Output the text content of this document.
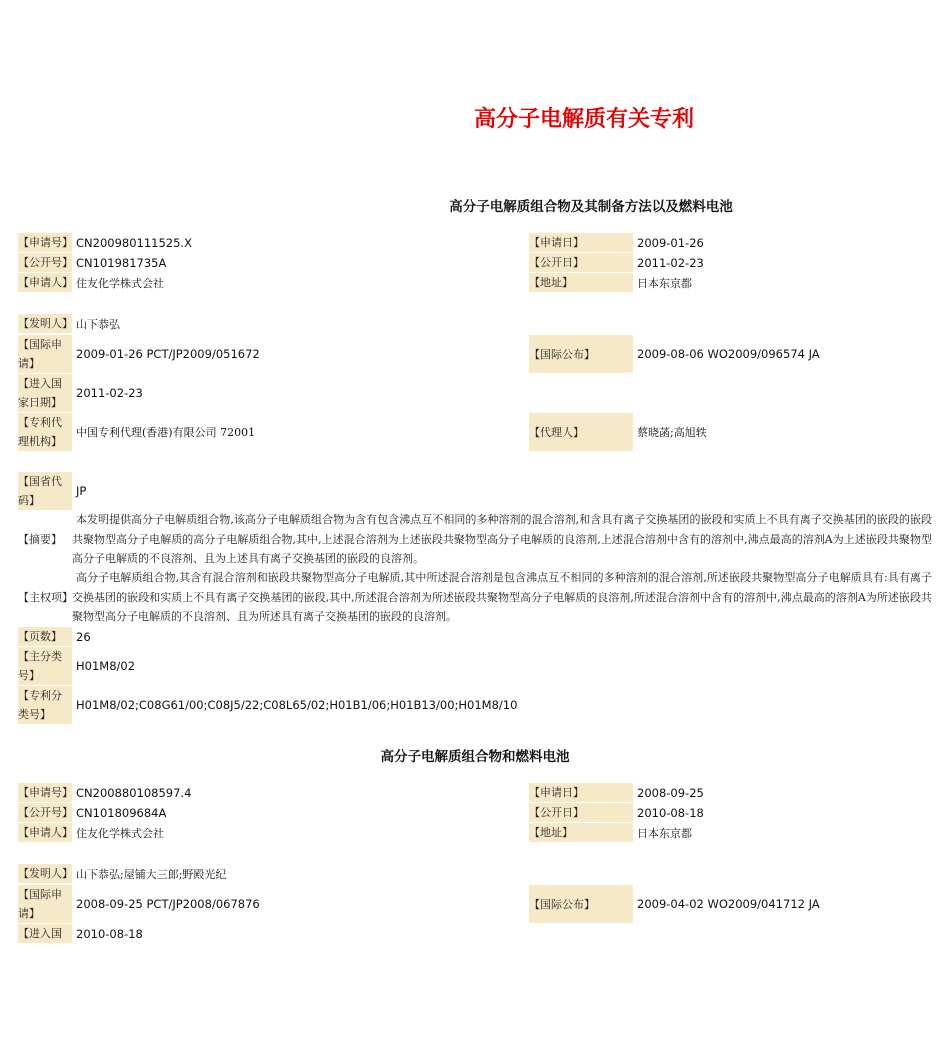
高分子电解质有关专利
高分子电解质组合物及其制备方法以及燃料电池
【申请号】 CN200980111525.X	【申请日】	2009-01-26
【公开号】 CN101981735A	【公开日】	2011-02-23
【申请人】 住友化学株式会社	【地址】	日本东京都
【发明人】 山下恭弘
【国际申请】
2009-01-26 PCT/JP2009/051672	【国际公布】	2009-08-06 WO2009/096574 JA
【进入国家日期】
2011-02-23
【专利代理机构】
中国专利代理(香港)有限公司 72001	【代理人】	蔡晓菡;高旭轶
【国省代码】
JP
【摘要】
本发明提供高分子电解质组合物,该高分子电解质组合物为含有包含沸点互不相同的多种溶剂的混合溶剂,和含具有离子交换基团的嵌段和实质上不具有离子交换基团的嵌段的嵌段共聚物型高分子电解质的高分子电解质组合物,其中,上述混合溶剂为上述嵌段共聚物型高分子电解质的良溶剂,上述混合溶剂中含有的溶剂中,沸点最高的溶剂A为上述嵌段共聚物型高分子电解质的不良溶剂、且为上述具有离子交换基团的嵌段的良溶剂。
【主权项】
高分子电解质组合物,其含有混合溶剂和嵌段共聚物型高分子电解质,其中所述混合溶剂是包含沸点互不相同的多种溶剂的混合溶剂,所述嵌段共聚物型高分子电解质具有:具有离子交换基团的嵌段和实质上不具有离子交换基团的嵌段,其中,所述混合溶剂为所述嵌段共聚物型高分子电解质的良溶剂,所述混合溶剂中含有的溶剂中,沸点最高的溶剂A为所述嵌段共聚物型高分子电解质的不良溶剂、且为所述具有离子交换基团的嵌段的良溶剂。
【页数】	26
【主分类号】
H01M8/02
【专利分类号】
H01M8/02;C08G61/00;C08J5/22;C08L65/02;H01B1/06;H01B13/00;H01M8/10
高分子电解质组合物和燃料电池
【申请号】 CN200880108597.4	【申请日】	2008-09-25
【公开号】 CN101809684A	【公开日】	2010-08-18
【申请人】 住友化学株式会社	【地址】	日本东京都
【发明人】 山下恭弘;屋铺大三郎;野殿光纪
【国际申请】
2008-09-25 PCT/JP2008/067876	【国际公布】	2009-04-02 WO2009/041712 JA
【进入国	2010-08-18
